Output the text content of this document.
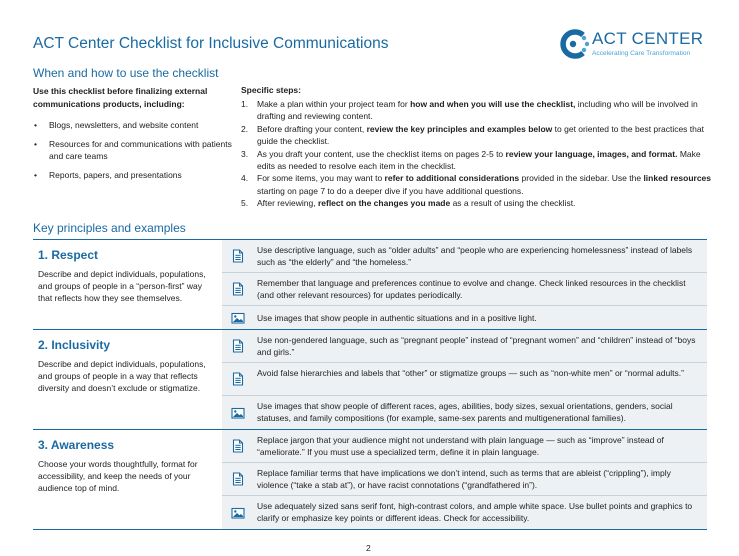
ACT Center Checklist for Inclusive Communications	ACT CENTER
Accelerating Care Transformation
When and how to use the checklist
Use this checklist before finalizing external communications products, including:
• Blogs, newsletters, and website content
• Resources for and communications with patients and care teams
• Reports, papers, and presentations
Specific steps:
1. Make a plan within your project team for how and when you will use the checklist, including who will be involved in drafting and reviewing content.
2. Before drafting your content, review the key principles and examples below to get oriented to the best practices that guide the checklist.
3. As you draft your content, use the checklist items on pages 2-5 to review your language, images, and format. Make edits as needed to resolve each item in the checklist.
4. For some items, you may want to refer to additional considerations provided in the sidebar. Use the linked resources starting on page 7 to do a deeper dive if you have additional questions.
5. After reviewing, reflect on the changes you made as a result of using the checklist.
Key principles and examples
1. Respect
Describe and depict individuals, populations, and groups of people in a “person-first” way that reflects how they see themselves.
Use descriptive language, such as “older adults” and “people who are experiencing homelessness” instead of labels such as “the elderly” and “the homeless.”
Remember that language and preferences continue to evolve and change. Check linked resources in the checklist (and other relevant resources) for updates periodically.
Use images that show people in authentic situations and in a positive light.
2. Inclusivity
Describe and depict individuals, populations, and groups of people in a way that reflects diversity and doesn’t exclude or stigmatize.
Use non-gendered language, such as “pregnant people” instead of “pregnant women” and “children” instead of “boys and girls.”
Avoid false hierarchies and labels that “other” or stigmatize groups — such as “non-white men” or “normal adults.”
Use images that show people of different races, ages, abilities, body sizes, sexual orientations, genders, social statuses, and family compositions (for example, same-sex parents and multigenerational families).
3. Awareness
Choose your words thoughtfully, format for accessibility, and keep the needs of your audience top of mind.
Replace jargon that your audience might not understand with plain language — such as “improve” instead of “ameliorate.” If you must use a specialized term, define it in plain language.
Replace familiar terms that have implications we don’t intend, such as terms that are ableist (“crippling”), imply violence (“take a stab at”), or have racist connotations (“grandfathered in”).
Use adequately sized sans serif font, high-contrast colors, and ample white space. Use bullet points and graphics to clarify or emphasize key points or different ideas. Check for accessibility.
2
